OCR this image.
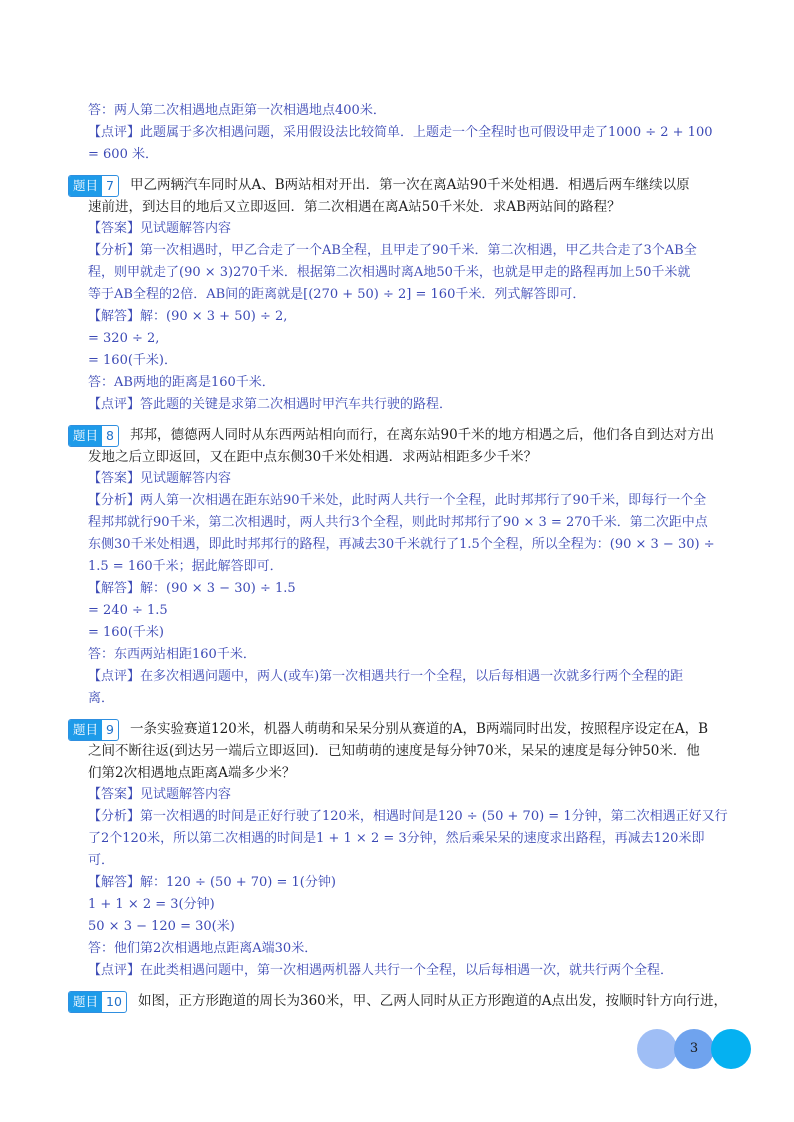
答：两人第二次相遇地点距第一次相遇地点400米．
【点评】此题属于多次相遇问题，采用假设法比较简单．上题走一个全程时也可假设甲走了1000 ÷ 2 + 100
= 600 米．
题目 7	甲乙两辆汽车同时从A、B两站相对开出．第一次在离A站90千米处相遇．相遇后两车继续以原
速前进，到达目的地后又立即返回．第二次相遇在离A站50千米处．求AB两站间的路程？
【答案】见试题解答内容
【分析】第一次相遇时，甲乙合走了一个AB全程，且甲走了90千米．第二次相遇，甲乙共合走了3个AB全
程，则甲就走了(90 × 3)270千米．根据第二次相遇时离A地50千米，也就是甲走的路程再加上50千米就
等于AB全程的2倍．AB间的距离就是[(270 + 50) ÷ 2] = 160千米．列式解答即可．
【解答】解：(90 × 3 + 50) ÷ 2,
= 320 ÷ 2,
= 160(千米)．
答：AB两地的距离是160千米．
【点评】答此题的关键是求第二次相遇时甲汽车共行驶的路程．
题目 8	邦邦，德德两人同时从东西两站相向而行，在离东站90千米的地方相遇之后，他们各自到达对方出
发地之后立即返回，又在距中点东侧30千米处相遇．求两站相距多少千米？
【答案】见试题解答内容
【分析】两人第一次相遇在距东站90千米处，此时两人共行一个全程，此时邦邦行了90千米，即每行一个全
程邦邦就行90千米，第二次相遇时，两人共行3个全程，则此时邦邦行了90 × 3 = 270千米．第二次距中点
东侧30千米处相遇，即此时邦邦行的路程，再减去30千米就行了1.5个全程，所以全程为：(90 × 3 − 30) ÷
1.5 = 160千米；据此解答即可．
【解答】解：(90 × 3 − 30) ÷ 1.5
= 240 ÷ 1.5
= 160(千米)
答：东西两站相距160千米．
【点评】在多次相遇问题中，两人(或车)第一次相遇共行一个全程，以后每相遇一次就多行两个全程的距
离．
题目 9	一条实验赛道120米，机器人萌萌和呆呆分别从赛道的A，B两端同时出发，按照程序设定在A，B
之间不断往返(到达另一端后立即返回)．已知萌萌的速度是每分钟70米，呆呆的速度是每分钟50米．他
们第2次相遇地点距离A端多少米？
【答案】见试题解答内容
【分析】第一次相遇的时间是正好行驶了120米，相遇时间是120 ÷ (50 + 70) = 1分钟，第二次相遇正好又行
了2个120米，所以第二次相遇的时间是1 + 1 × 2 = 3分钟，然后乘呆呆的速度求出路程，再减去120米即
可．
【解答】解：120 ÷ (50 + 70) = 1(分钟)
1 + 1 × 2 = 3(分钟)
50 × 3 − 120 = 30(米)
答：他们第2次相遇地点距离A端30米．
【点评】在此类相遇问题中，第一次相遇两机器人共行一个全程，以后每相遇一次，就共行两个全程．
题目 10	如图，正方形跑道的周长为360米，甲、乙两人同时从正方形跑道的A点出发，按顺时针方向行进，
3
